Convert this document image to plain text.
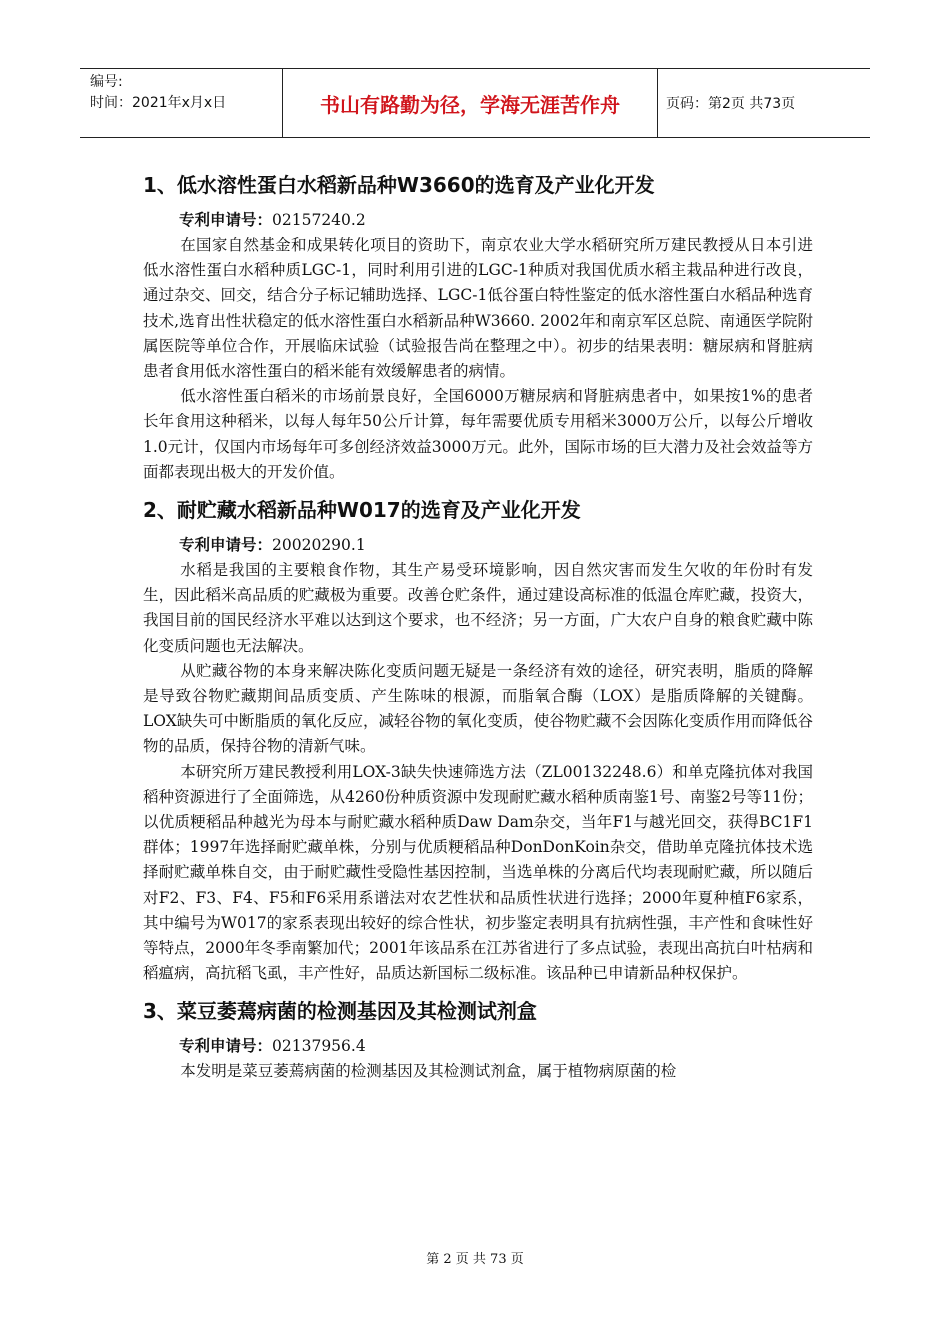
编号:
时间：2021年x月x日	书山有路勤为径，学海无涯苦作舟	页码：第2页 共73页
1、低水溶性蛋白水稻新品种W3660的选育及产业化开发
专利申请号：02157240.2

在国家自然基金和成果转化项目的资助下，南京农业大学水稻研究所万建民教授从日本引进低水溶性蛋白水稻种质LGC-1，同时利用引进的LGC-1种质对我国优质水稻主栽品种进行改良，通过杂交、回交，结合分子标记辅助选择、LGC-1低谷蛋白特性鉴定的低水溶性蛋白水稻品种选育技术,选育出性状稳定的低水溶性蛋白水稻新品种W3660. 2002年和南京军区总院、南通医学院附属医院等单位合作，开展临床试验（试验报告尚在整理之中）。初步的结果表明：糖尿病和肾脏病患者食用低水溶性蛋白的稻米能有效缓解患者的病情。

低水溶性蛋白稻米的市场前景良好，全国6000万糖尿病和肾脏病患者中，如果按1%的患者长年食用这种稻米，以每人每年50公斤计算，每年需要优质专用稻米3000万公斤，以每公斤增收1.0元计，仅国内市场每年可多创经济效益3000万元。此外，国际市场的巨大潜力及社会效益等方面都表现出极大的开发价值。

2、耐贮藏水稻新品种W017的选育及产业化开发
专利申请号：20020290.1

水稻是我国的主要粮食作物，其生产易受环境影响，因自然灾害而发生欠收的年份时有发生，因此稻米高品质的贮藏极为重要。改善仓贮条件，通过建设高标准的低温仓库贮藏，投资大，我国目前的国民经济水平难以达到这个要求，也不经济；另一方面，广大农户自身的粮食贮藏中陈化变质问题也无法解决。

从贮藏谷物的本身来解决陈化变质问题无疑是一条经济有效的途径，研究表明，脂质的降解是导致谷物贮藏期间品质变质、产生陈味的根源，而脂氧合酶（LOX）是脂质降解的关键酶。LOX缺失可中断脂质的氧化反应，减轻谷物的氧化变质，使谷物贮藏不会因陈化变质作用而降低谷物的品质，保持谷物的清新气味。

本研究所万建民教授利用LOX-3缺失快速筛选方法（ZL00132248.6）和单克隆抗体对我国稻种资源进行了全面筛选，从4260份种质资源中发现耐贮藏水稻种质南鉴1号、南鉴2号等11份；以优质粳稻品种越光为母本与耐贮藏水稻种质Daw Dam杂交，当年F1与越光回交，获得BC1F1群体；1997年选择耐贮藏单株，分别与优质粳稻品种DonDonKoin杂交，借助单克隆抗体技术选择耐贮藏单株自交，由于耐贮藏性受隐性基因控制，当选单株的分离后代均表现耐贮藏，所以随后对F2、F3、F4、F5和F6采用系谱法对农艺性状和品质性状进行选择；2000年夏种植F6家系，其中编号为W017的家系表现出较好的综合性状，初步鉴定表明具有抗病性强，丰产性和食味性好等特点，2000年冬季南繁加代；2001年该品系在江苏省进行了多点试验，表现出高抗白叶枯病和稻瘟病，高抗稻飞虱，丰产性好，品质达新国标二级标准。该品种已申请新品种权保护。

3、菜豆萎蔫病菌的检测基因及其检测试剂盒
专利申请号：02137956.4

本发明是菜豆萎蔫病菌的检测基因及其检测试剂盒，属于植物病原菌的检

第 2 页 共 73 页
